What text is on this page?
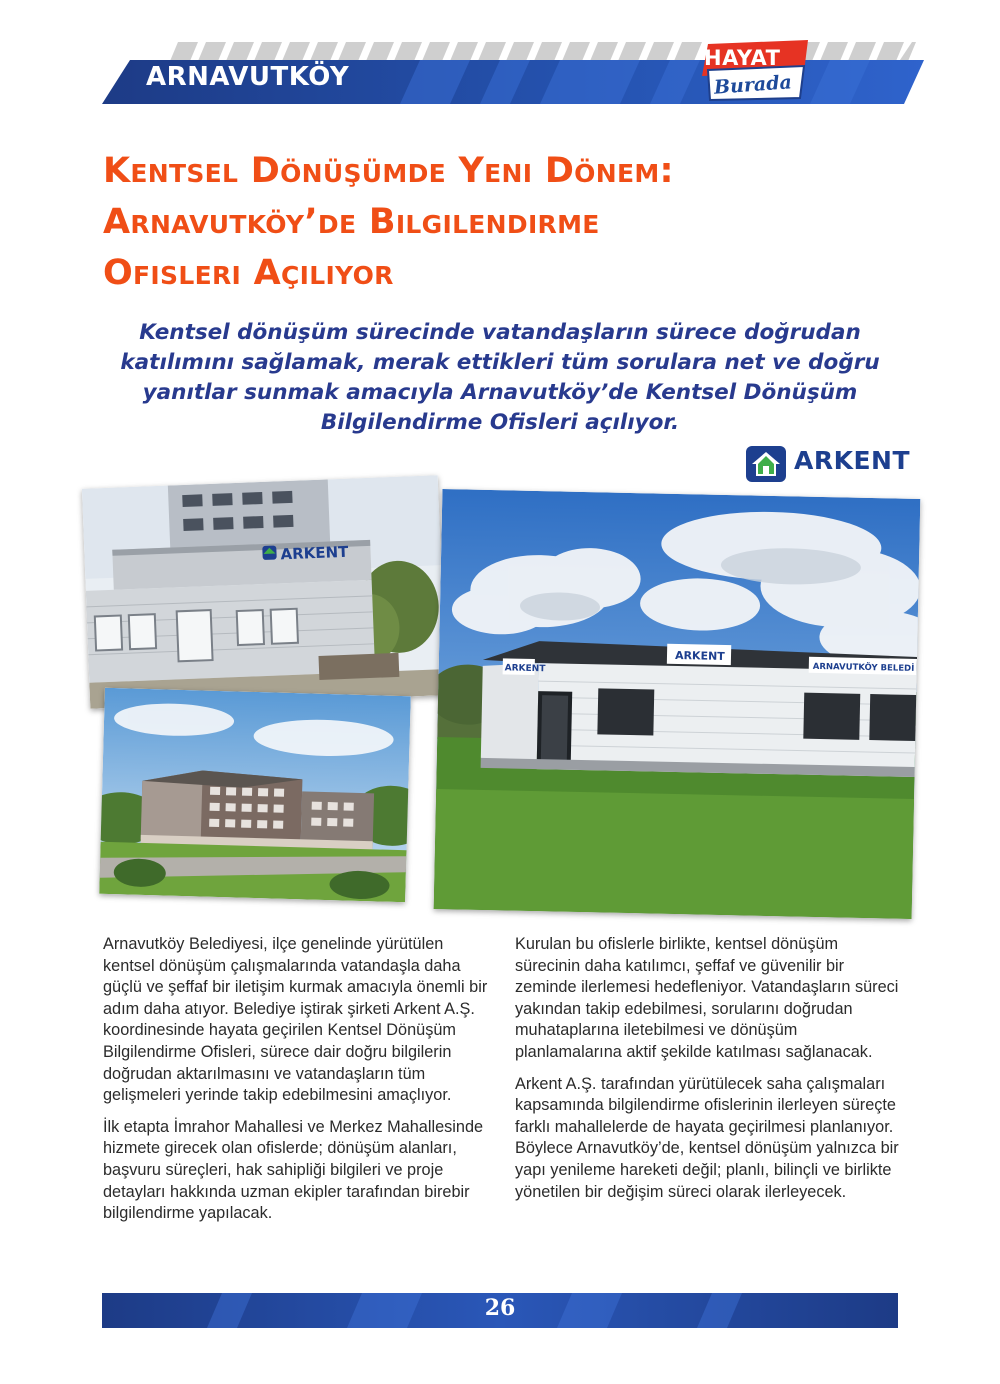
ARNAVUTKÖY
HAYAT
Burada
Kentsel Dönüşümde Yeni Dönem:
Arnavutköy’de Bilgilendirme
Ofisleri Açılıyor

Kentsel dönüşüm sürecinde vatandaşların sürece doğrudan katılımını sağlamak, merak ettikleri tüm sorulara net ve doğru yanıtlar sunmak amacıyla Arnavutköy’de Kentsel Dönüşüm Bilgilendirme Ofisleri açılıyor.

ARKENT
ARKENT
ARKENT
ARKENT
ARNAVUTKÖY BELEDİ

Arnavutköy Belediyesi, ilçe genelinde yürütülen kentsel dönüşüm çalışmalarında vatandaşla daha güçlü ve şeffaf bir iletişim kurmak amacıyla önemli bir adım daha atıyor. Belediye iştirak şirketi Arkent A.Ş. koordinesinde hayata geçirilen Kentsel Dönüşüm Bilgilendirme Ofisleri, sürece dair doğru bilgilerin doğrudan aktarılmasını ve vatandaşların tüm gelişmeleri yerinde takip edebilmesini amaçlıyor.

İlk etapta İmrahor Mahallesi ve Merkez Mahallesinde hizmete girecek olan ofislerde; dönüşüm alanları, başvuru süreçleri, hak sahipliği bilgileri ve proje detayları hakkında uzman ekipler tarafından birebir bilgilendirme yapılacak.

Kurulan bu ofislerle birlikte, kentsel dönüşüm sürecinin daha katılımcı, şeffaf ve güvenilir bir zeminde ilerlemesi hedefleniyor. Vatandaşların süreci yakından takip edebilmesi, sorularını doğrudan muhataplarına iletebilmesi ve dönüşüm planlamalarına aktif şekilde katılması sağlanacak.

Arkent A.Ş. tarafından yürütülecek saha çalışmaları kapsamında bilgilendirme ofislerinin ilerleyen süreçte farklı mahallelerde de hayata geçirilmesi planlanıyor. Böylece Arnavutköy’de, kentsel dönüşüm yalnızca bir yapı yenileme hareketi değil; planlı, bilinçli ve birlikte yönetilen bir değişim süreci olarak ilerleyecek.

26
